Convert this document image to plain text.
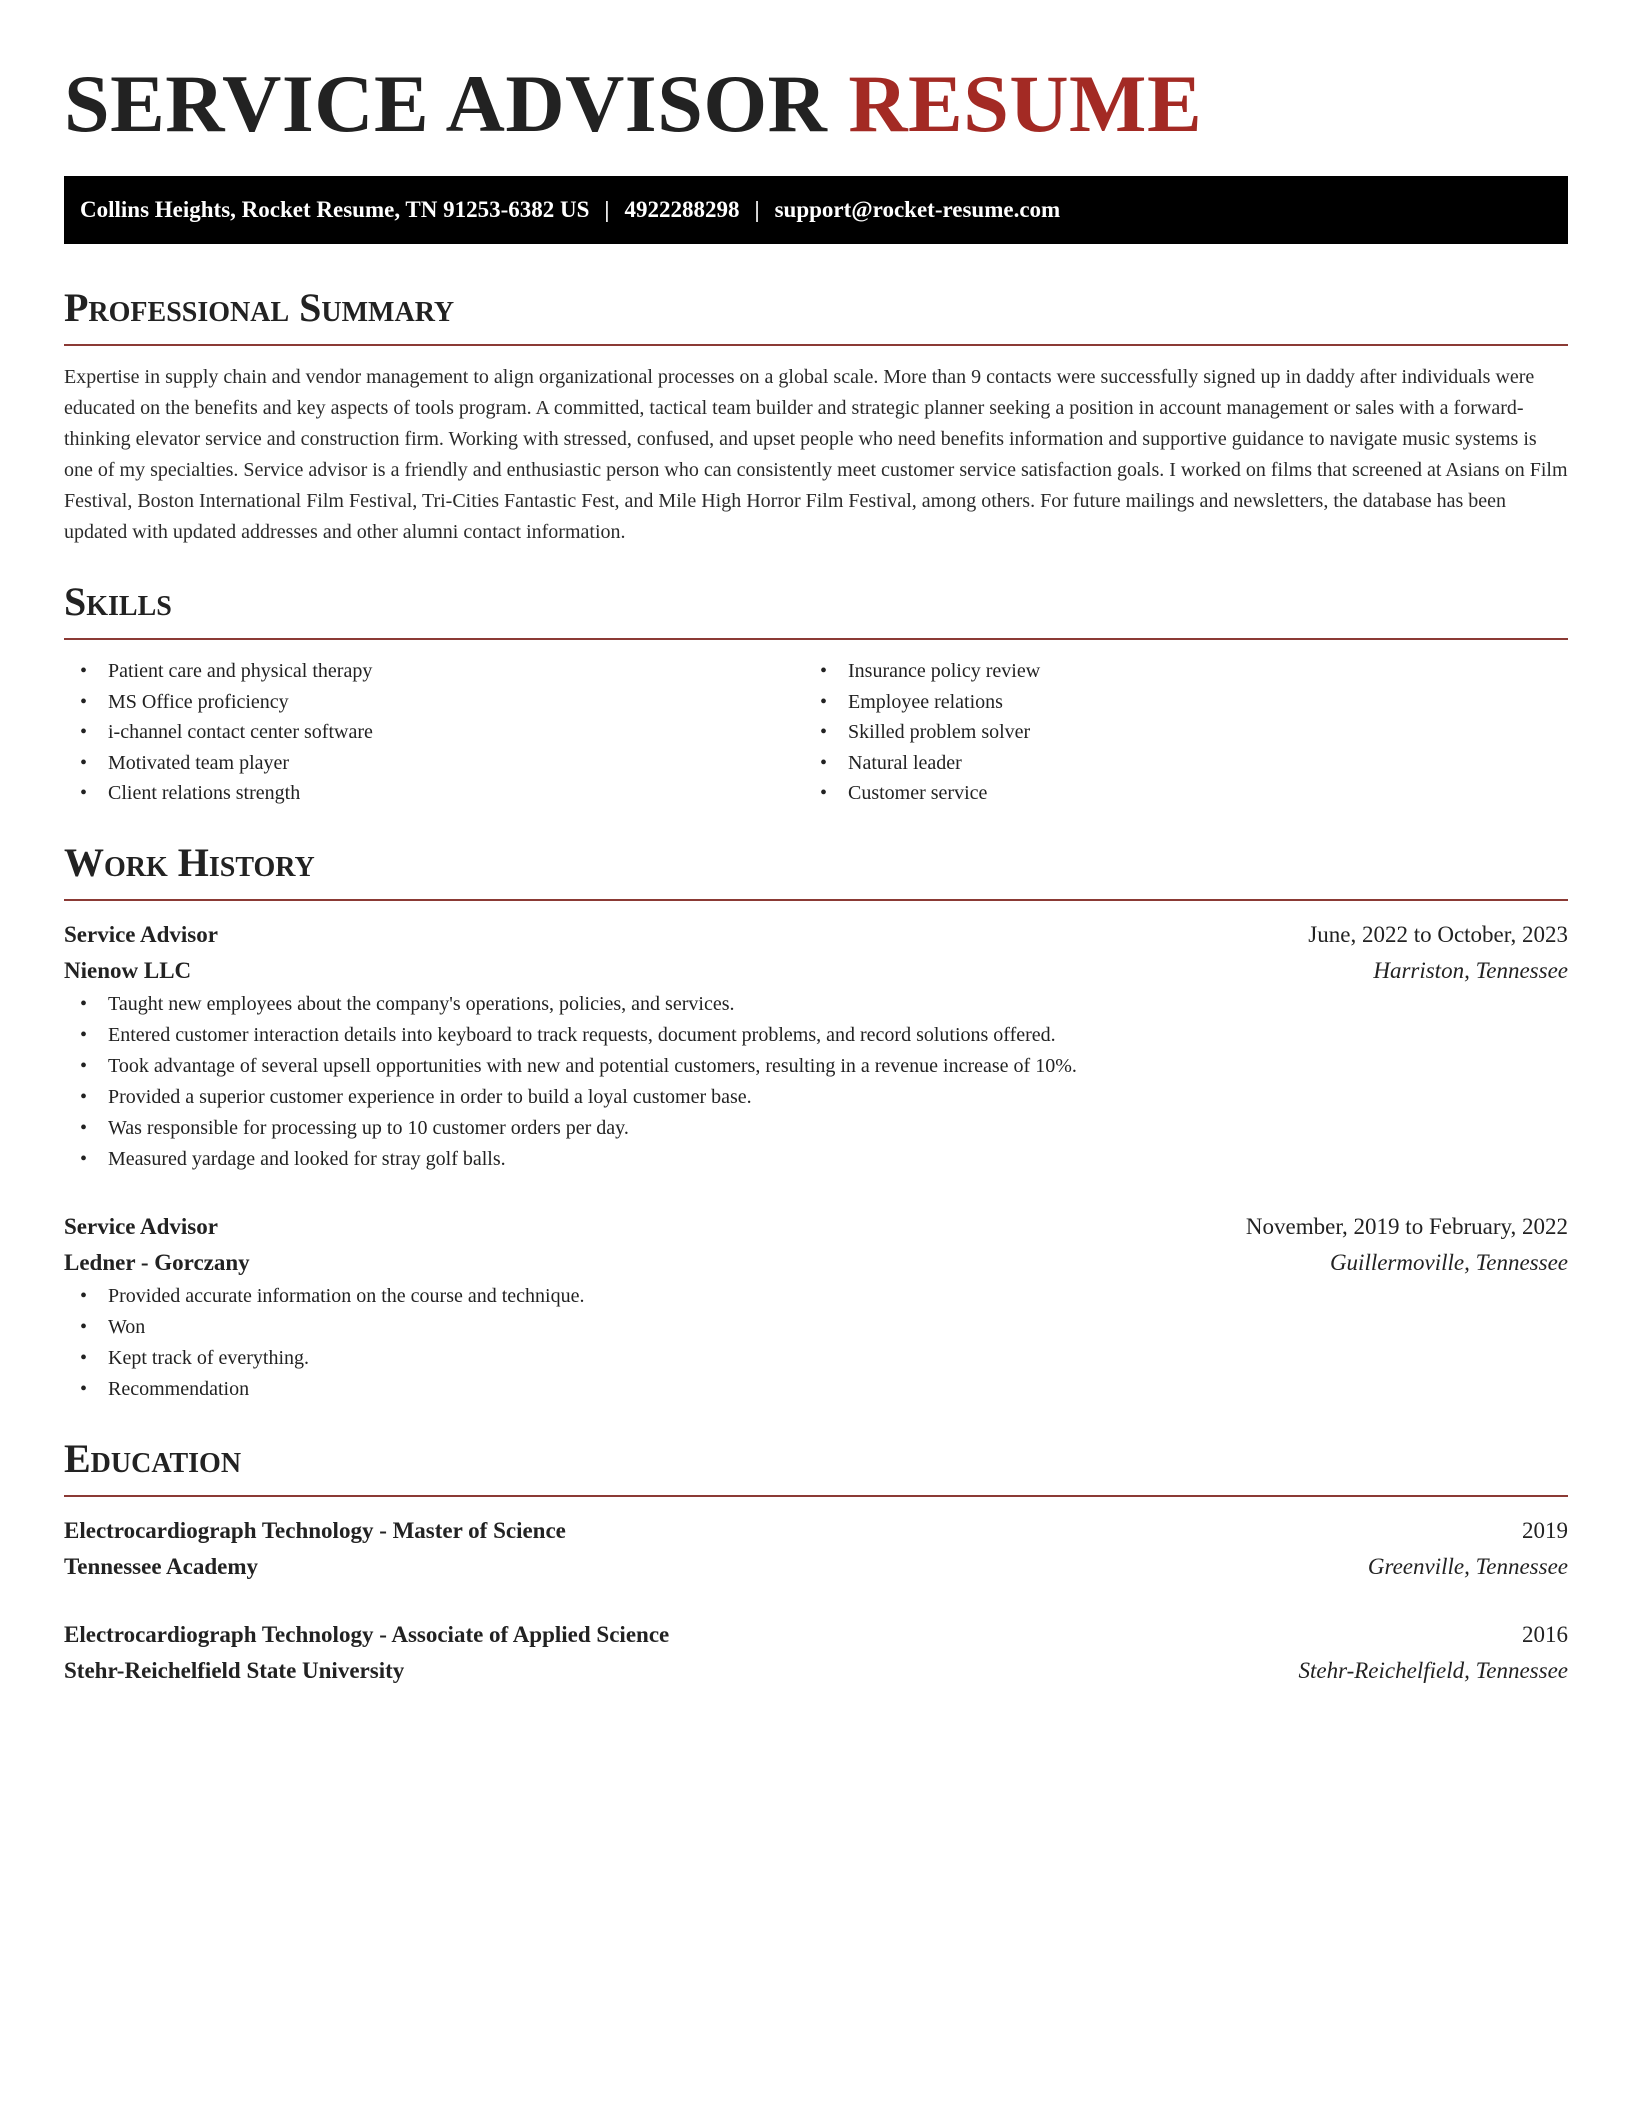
SERVICE ADVISOR RESUME
Collins Heights, Rocket Resume, TN 91253-6382 US | 4922288298 | support@rocket-resume.com
Professional Summary
Expertise in supply chain and vendor management to align organizational processes on a global scale. More than 9 contacts were successfully signed up in daddy after individuals were educated on the benefits and key aspects of tools program. A committed, tactical team builder and strategic planner seeking a position in account management or sales with a forward-thinking elevator service and construction firm. Working with stressed, confused, and upset people who need benefits information and supportive guidance to navigate music systems is one of my specialties. Service advisor is a friendly and enthusiastic person who can consistently meet customer service satisfaction goals. I worked on films that screened at Asians on Film Festival, Boston International Film Festival, Tri-Cities Fantastic Fest, and Mile High Horror Film Festival, among others. For future mailings and newsletters, the database has been updated with updated addresses and other alumni contact information.
Skills
• Patient care and physical therapy
• MS Office proficiency
• i-channel contact center software
• Motivated team player
• Client relations strength
• Insurance policy review
• Employee relations
• Skilled problem solver
• Natural leader
• Customer service
Work History
Service Advisor	June, 2022 to October, 2023
Nienow LLC	Harriston, Tennessee
• Taught new employees about the company's operations, policies, and services.
• Entered customer interaction details into keyboard to track requests, document problems, and record solutions offered.
• Took advantage of several upsell opportunities with new and potential customers, resulting in a revenue increase of 10%.
• Provided a superior customer experience in order to build a loyal customer base.
• Was responsible for processing up to 10 customer orders per day.
• Measured yardage and looked for stray golf balls.
Service Advisor	November, 2019 to February, 2022
Ledner - Gorczany	Guillermoville, Tennessee
• Provided accurate information on the course and technique.
• Won
• Kept track of everything.
• Recommendation
Education
Electrocardiograph Technology - Master of Science	2019
Tennessee Academy	Greenville, Tennessee
Electrocardiograph Technology - Associate of Applied Science	2016
Stehr-Reichelfield State University	Stehr-Reichelfield, Tennessee
